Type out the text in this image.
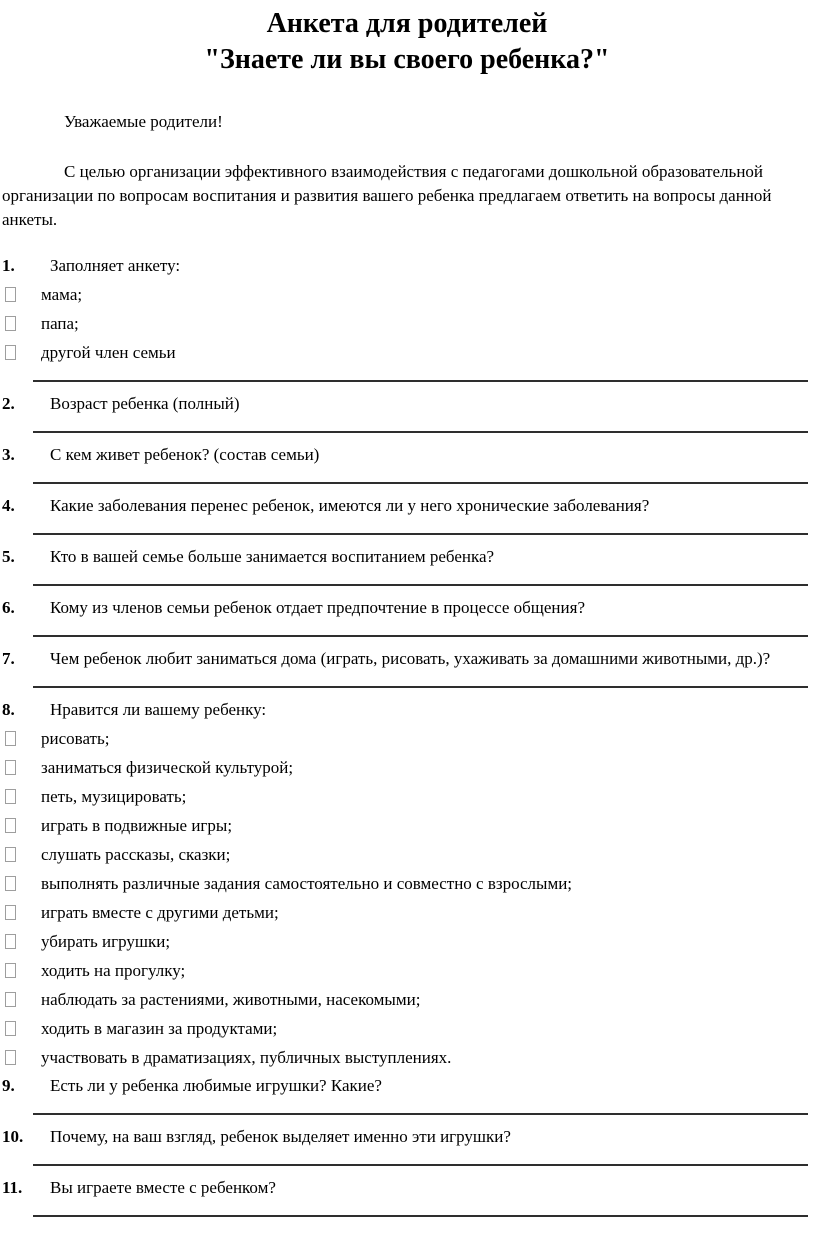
Анкета для родителей
"Знаете ли вы своего ребенка?"

Уважаемые родители!

С целью организации эффективного взаимодействия с педагогами дошкольной образовательной организации по вопросам воспитания и развития вашего ребенка предлагаем ответить на вопросы данной анкеты.

1. Заполняет анкету:

мама;
папа;
другой член семьи

2. Возраст ребенка (полный)

3. С кем живет ребенок? (состав семьи)

4. Какие заболевания перенес ребенок, имеются ли у него хронические заболевания?

5. Кто в вашей семье больше занимается воспитанием ребенка?

6. Кому из членов семьи ребенок отдает предпочтение в процессе общения?

7. Чем ребенок любит заниматься дома (играть, рисовать, ухаживать за домашними животными, др.)?

8. Нравится ли вашему ребенку:

рисовать;
заниматься физической культурой;
петь, музицировать;
играть в подвижные игры;
слушать рассказы, сказки;
выполнять различные задания самостоятельно и совместно с взрослыми;
играть вместе с другими детьми;
убирать игрушки;
ходить на прогулку;
наблюдать за растениями, животными, насекомыми;
ходить в магазин за продуктами;
участвовать в драматизациях, публичных выступлениях.

9. Есть ли у ребенка любимые игрушки? Какие?

10. Почему, на ваш взгляд, ребенок выделяет именно эти игрушки?

11. Вы играете вместе с ребенком?
